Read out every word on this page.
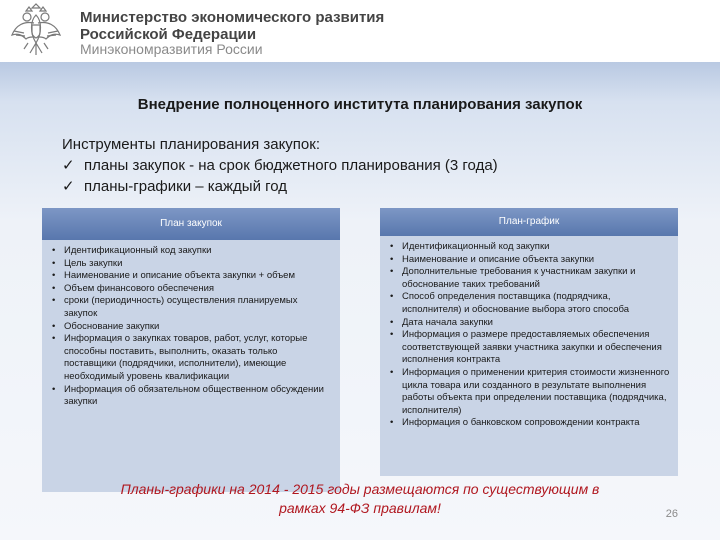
Министерство экономического развития
Российской Федерации
Минэкономразвития России
Внедрение полноценного института планирования закупок
Инструменты планирования закупок:
✓ планы закупок - на срок бюджетного планирования (3 года)
✓ планы-графики – каждый год
План закупок
• Идентификационный код закупки
• Цель закупки
• Наименование и описание объекта закупки + объем
• Объем финансового обеспечения
• сроки (периодичность) осуществления планируемых закупок
• Обоснование закупки
• Информация о закупках товаров, работ, услуг, которые способны поставить, выполнить, оказать только поставщики (подрядчики, исполнители), имеющие необходимый уровень квалификации
• Информация об обязательном общественном обсуждении закупки
План-график
• Идентификационный код закупки
• Наименование и описание объекта закупки
• Дополнительные требования к участникам закупки и обоснование таких требований
• Способ определения поставщика (подрядчика, исполнителя) и обоснование выбора этого способа
• Дата начала закупки
• Информация о размере предоставляемых обеспечения соответствующей заявки участника закупки и обеспечения исполнения контракта
• Информация о применении критерия стоимости жизненного цикла товара или созданного в результате выполнения работы объекта при определении поставщика (подрядчика, исполнителя)
• Информация о банковском сопровождении контракта
Планы-графики на 2014 - 2015 годы размещаются по существующим в
рамках 94-ФЗ правилам!	26
